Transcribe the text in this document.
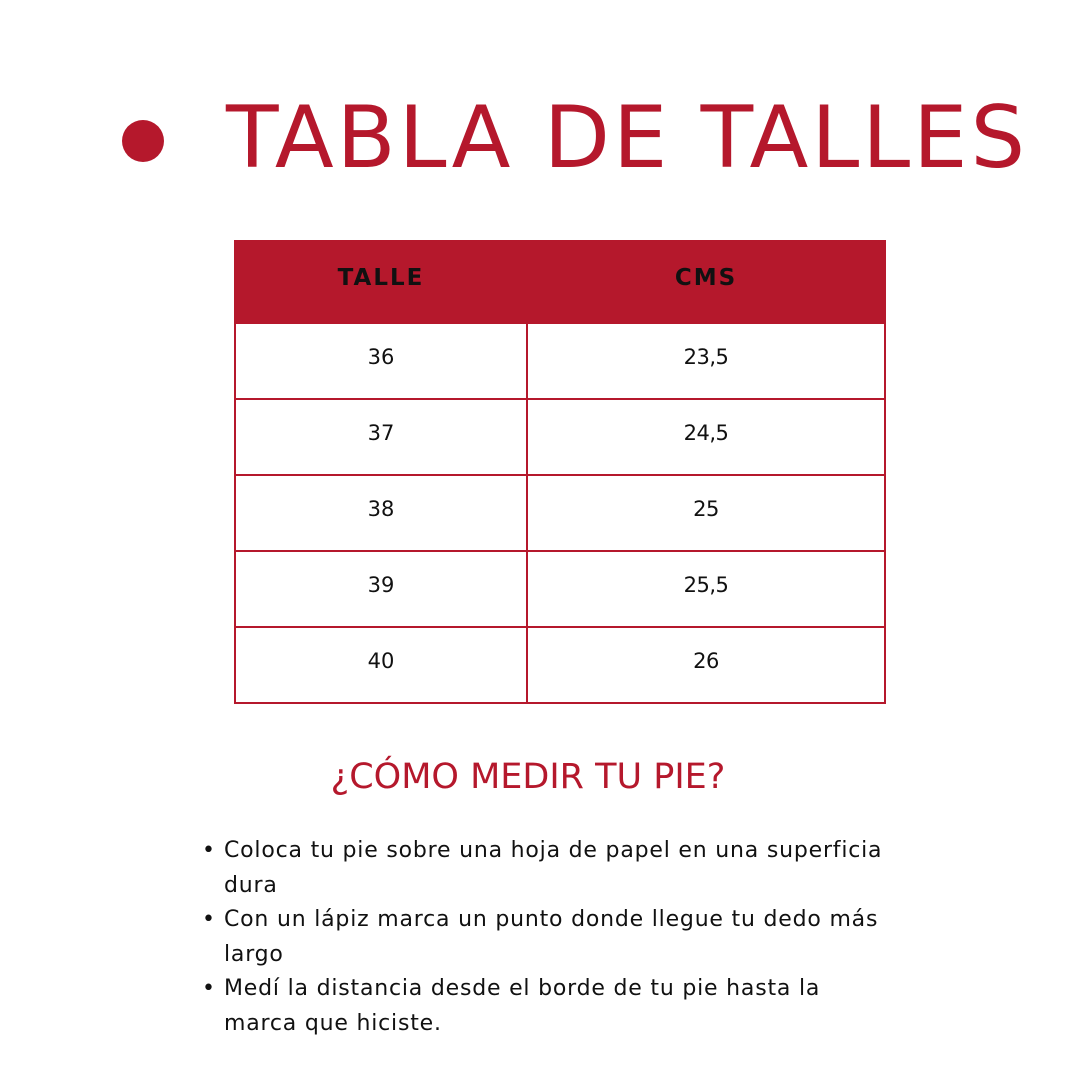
TABLA DE TALLES
TALLE	CMS
36	23,5
37	24,5
38	25
39	25,5
40	26
¿CÓMO MEDIR TU PIE?
• Coloca tu pie sobre una hoja de papel en una superficia dura
• Con un lápiz marca un punto donde llegue tu dedo más largo
• Medí la distancia desde el borde de tu pie hasta la marca que hiciste.
